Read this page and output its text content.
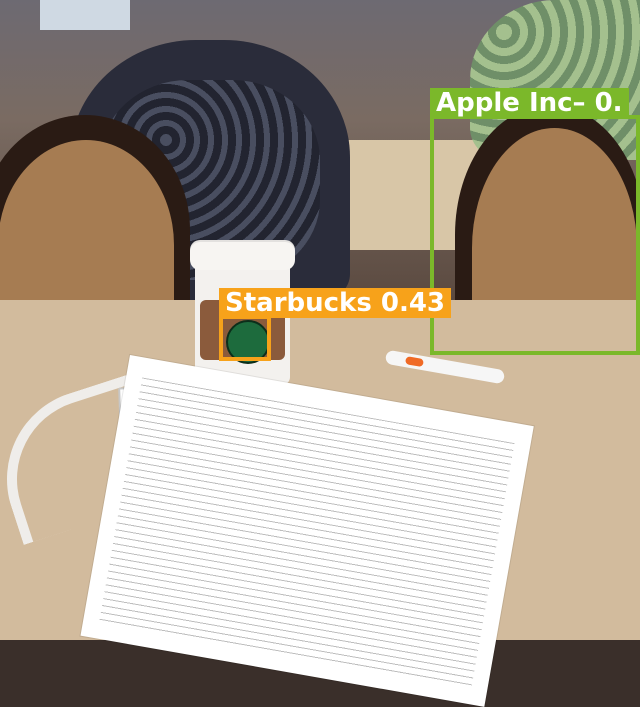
Apple Inc– 0.
Starbucks 0.43
